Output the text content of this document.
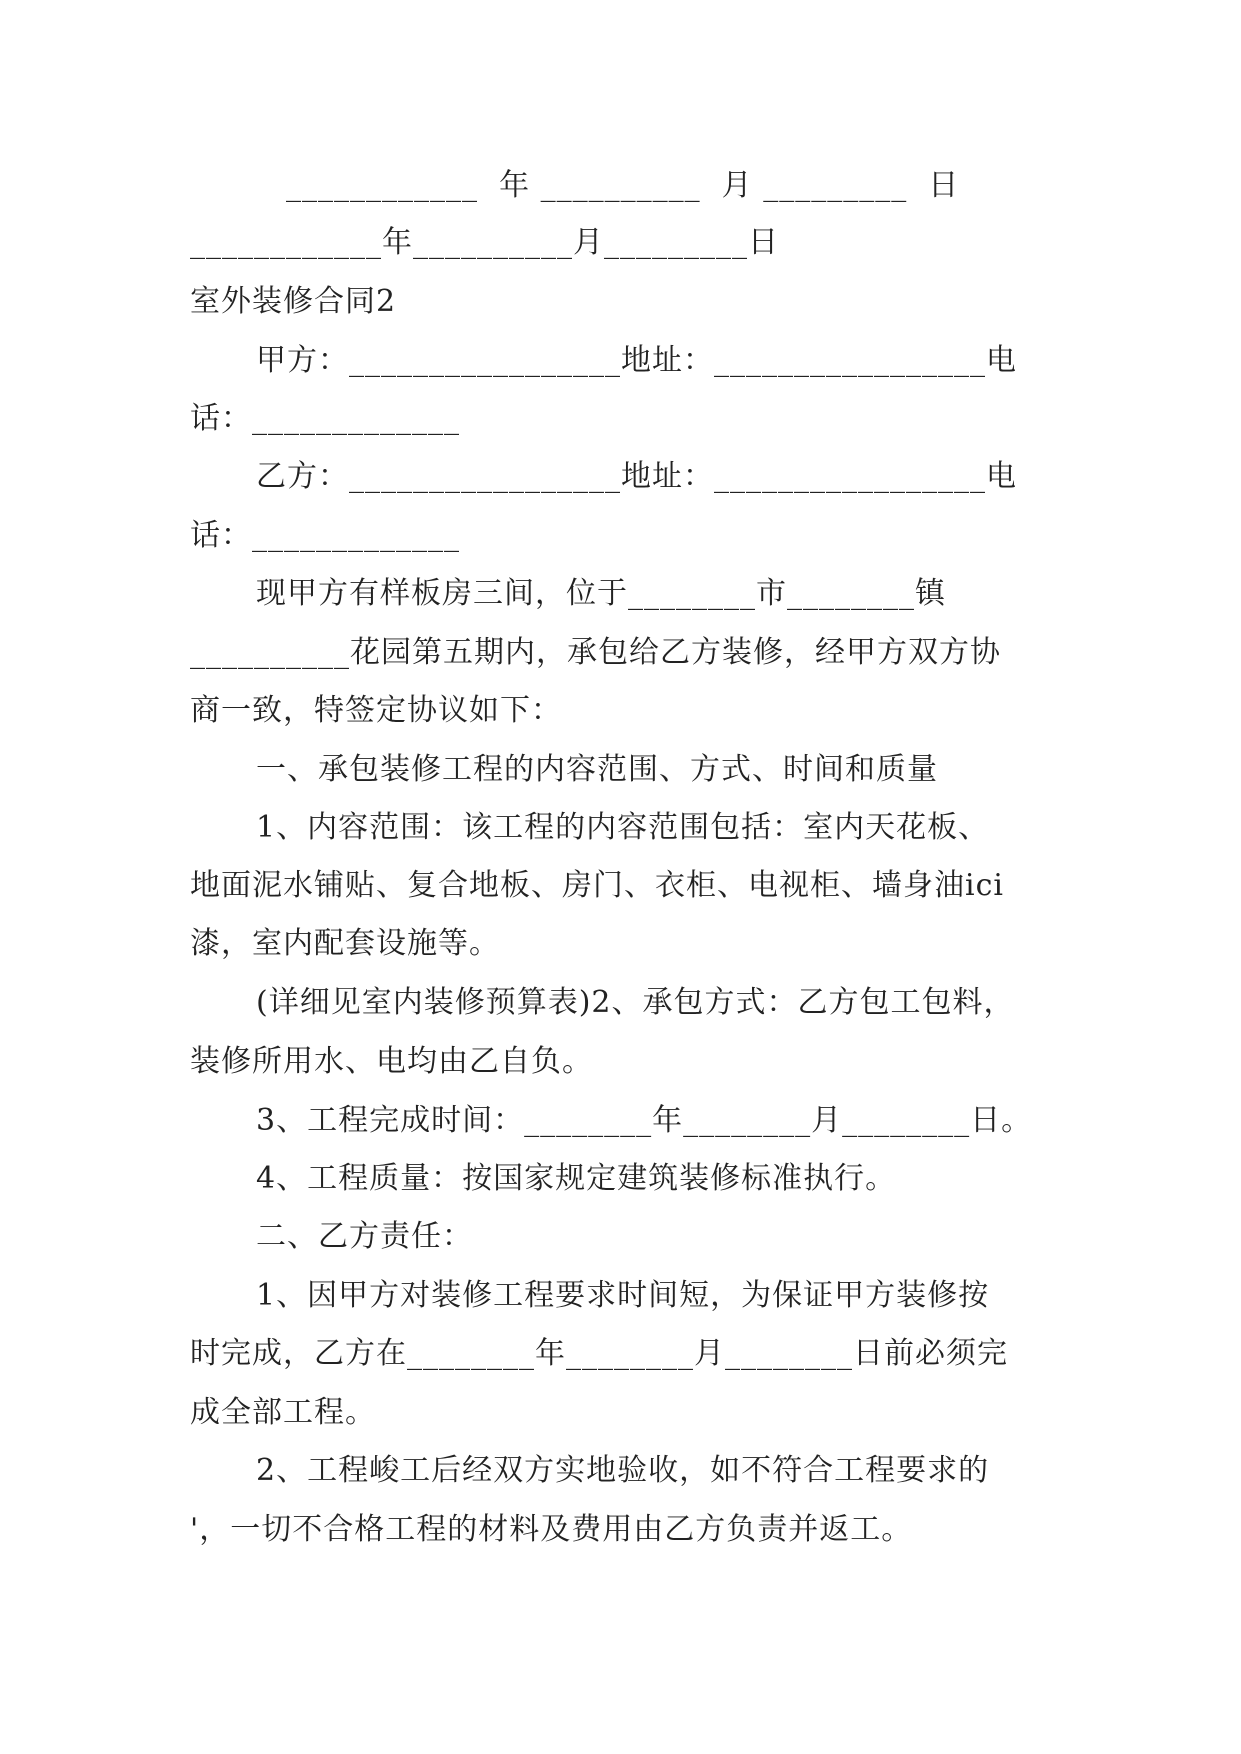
____________  年 __________  月 _________  日
____________年__________月_________日
室外装修合同2
甲方：_________________地址：_________________电
话：_____________
乙方：_________________地址：_________________电
话：_____________
现甲方有样板房三间，位于________市________镇
__________花园第五期内，承包给乙方装修，经甲方双方协
商一致，特签定协议如下：
一、承包装修工程的内容范围、方式、时间和质量
1、内容范围：该工程的内容范围包括：室内天花板、
地面泥水铺贴、复合地板、房门、衣柜、电视柜、墙身油ici
漆，室内配套设施等。
(详细见室内装修预算表)2、承包方式：乙方包工包料，
装修所用水、电均由乙自负。
3、工程完成时间：________年________月________日。
4、工程质量：按国家规定建筑装修标准执行。
二、乙方责任：
1、因甲方对装修工程要求时间短，为保证甲方装修按
时完成，乙方在________年________月________日前必须完
成全部工程。
2、工程峻工后经双方实地验收，如不符合工程要求的
'，一切不合格工程的材料及费用由乙方负责并返工。
